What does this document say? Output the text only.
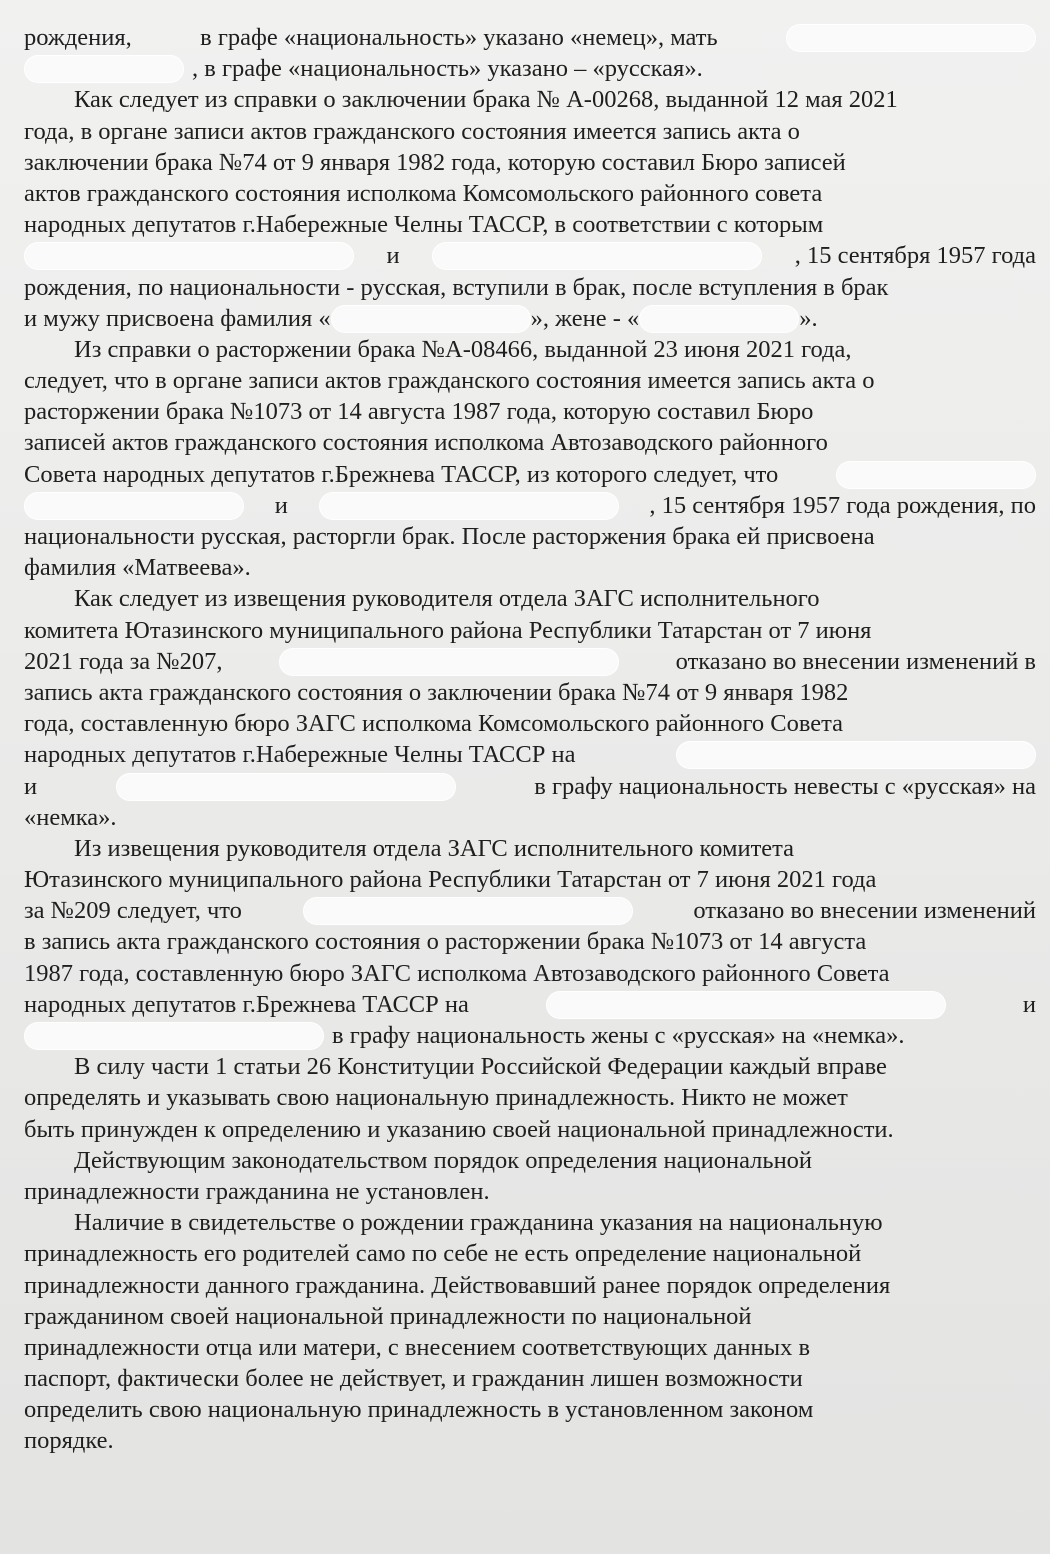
рождения,	в графе «национальность» указано «немец», мать
, в графе «национальность» указано – «русская».
Как следует из справки о заключении брака № А-00268, выданной 12 мая 2021
года, в органе записи актов гражданского состояния имеется запись акта о
заключении брака №74 от 9 января 1982 года, которую составил Бюро записей
актов гражданского состояния исполкома Комсомольского районного совета
народных депутатов г.Набережные Челны ТАССР, в соответствии с которым
и	, 15 сентября 1957 года
рождения, по национальности - русская, вступили в брак, после вступления в брак
и мужу присвоена фамилия «	», жене - «	».
Из справки о расторжении брака №А-08466, выданной 23 июня 2021 года,
следует, что в органе записи актов гражданского состояния имеется запись акта о
расторжении брака №1073 от 14 августа 1987 года, которую составил Бюро
записей актов гражданского состояния исполкома Автозаводского районного
Совета народных депутатов г.Брежнева ТАССР, из которого следует, что
и	, 15 сентября 1957 года рождения, по
национальности русская, расторгли брак. После расторжения брака ей присвоена
фамилия «Матвеева».
Как следует из извещения руководителя отдела ЗАГС исполнительного
комитета Ютазинского муниципального района Республики Татарстан от 7 июня
2021 года за №207,	отказано во внесении изменений в
запись акта гражданского состояния о заключении брака №74 от 9 января 1982
года, составленную бюро ЗАГС исполкома Комсомольского районного Совета
народных депутатов г.Набережные Челны ТАССР на
и	в графу национальность невесты с «русская» на
«немка».
Из извещения руководителя отдела ЗАГС исполнительного комитета
Ютазинского муниципального района Республики Татарстан от 7 июня 2021 года
за №209 следует, что	отказано во внесении изменений
в запись акта гражданского состояния о расторжении брака №1073 от 14 августа
1987 года, составленную бюро ЗАГС исполкома Автозаводского районного Совета
народных депутатов г.Брежнева ТАССР на	и
в графу национальность жены с «русская» на «немка».
В силу части 1 статьи 26 Конституции Российской Федерации каждый вправе
определять и указывать свою национальную принадлежность. Никто не может
быть принужден к определению и указанию своей национальной принадлежности.
Действующим законодательством порядок определения национальной
принадлежности гражданина не установлен.
Наличие в свидетельстве о рождении гражданина указания на национальную
принадлежность его родителей само по себе не есть определение национальной
принадлежности данного гражданина. Действовавший ранее порядок определения
гражданином своей национальной принадлежности по национальной
принадлежности отца или матери, с внесением соответствующих данных в
паспорт, фактически более не действует, и гражданин лишен возможности
определить свою национальную принадлежность в установленном законом
порядке.
